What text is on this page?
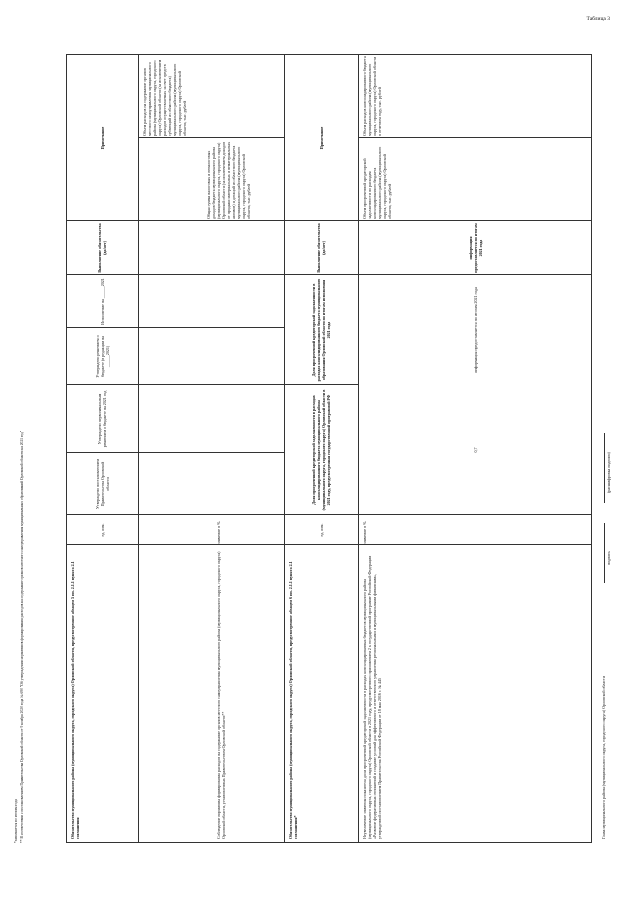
Таблица 3
Обязательство муниципального района (муниципального округа, городского округа) Орловской области, предусмотренное абзацем 5 пп. 2.1.1 пункта 2.1 соглашения
ед. изм.
Утверждено постановлением Правительства Орловской области
Утверждено первоначальным решением о бюджете на 2021 год
Утверждено решением о бюджете (в редакции на ______2021)
Исполнение на ______2021
Выполнение обязательства (да/нет)
Примечание
Соблюдение норматива формирования расходов на содержание органов местного самоуправления муниципального района (муниципального округа, городского округа) Орловской области, установленных Правительством Орловской области**
значение в %
Общая сумма налоговых и неналоговых доходов бюджета муниципального района (муниципального округа, городского округа) Орловской области (за исключением доходов от продажи материальных и нематериальных активов) и дотаций из областного бюджета муниципального района (муниципального округа, городского округа) Орловской области, тыс. рублей
Объем расходов на содержание органов местного самоуправления муниципального района (муниципального округа, городского округа) Орловской области (за исключением расходов осуществляемых за счет средств субвенций из областного бюджета) муниципального района (муниципального округа, городского округа) Орловской области, тыс. рублей
Обязательство муниципального района (муниципального округа, городского округа) Орловской области, предусмотренное абзацем 6 пп. 2.1.1 пункта 2.1 соглашения*
ед. изм.
Доля просроченной кредиторской задолженности в расходах консолидированного бюджета муниципального района (муниципального округа, городского округа) Орловской области в 2021 году, предусмотренная государственной программой РФ
Доля просроченной кредиторской задолженности в расходах консолидированного бюджета муниципального образования Орловской области по итогам исполнения 2021 года
Выполнение обязательства (да/нет)
Примечание
Неувеличение значения показателя доли просроченной кредиторской задолженности в расходах консолидированных бюджетов муниципального района (муниципального округа, городского округа) Орловской области в 2021 году, предусмотренного приложением 2 к государственной программе Российской Федерации «Развитие федеративных отношений и создание условий для эффективного и ответственного управления региональными и муниципальными финансами», утвержденной постановлением Правительства Российской Федерации от 18 мая 2016 г. № 445
значение в %
0,7
информация предоставляется по итогам 2021 года
информация предоставляется по итогам 2021 года
Объем просроченной кредиторской задолженности по расходам консолидированного бюджета муниципального района (муниципального округа, городского округа) Орловской области, тыс. рублей
Объем расходов консолидированного бюджета муниципального района (муниципального округа, городского округа) Орловской области в отчетном году, тыс. рублей
Глава муниципального района (муниципального округа, городского округа) Орловской области
подпись
(расшифровка подписи)
*заполняется по итогам года ** В соответствии с постановлением Правительства Орловской области от 9 ноября 2020 года № 690 "Об утверждении нормативов формирования расходов на содержание органов местного самоуправления муниципальных образований Орловской области на 2021 год"
